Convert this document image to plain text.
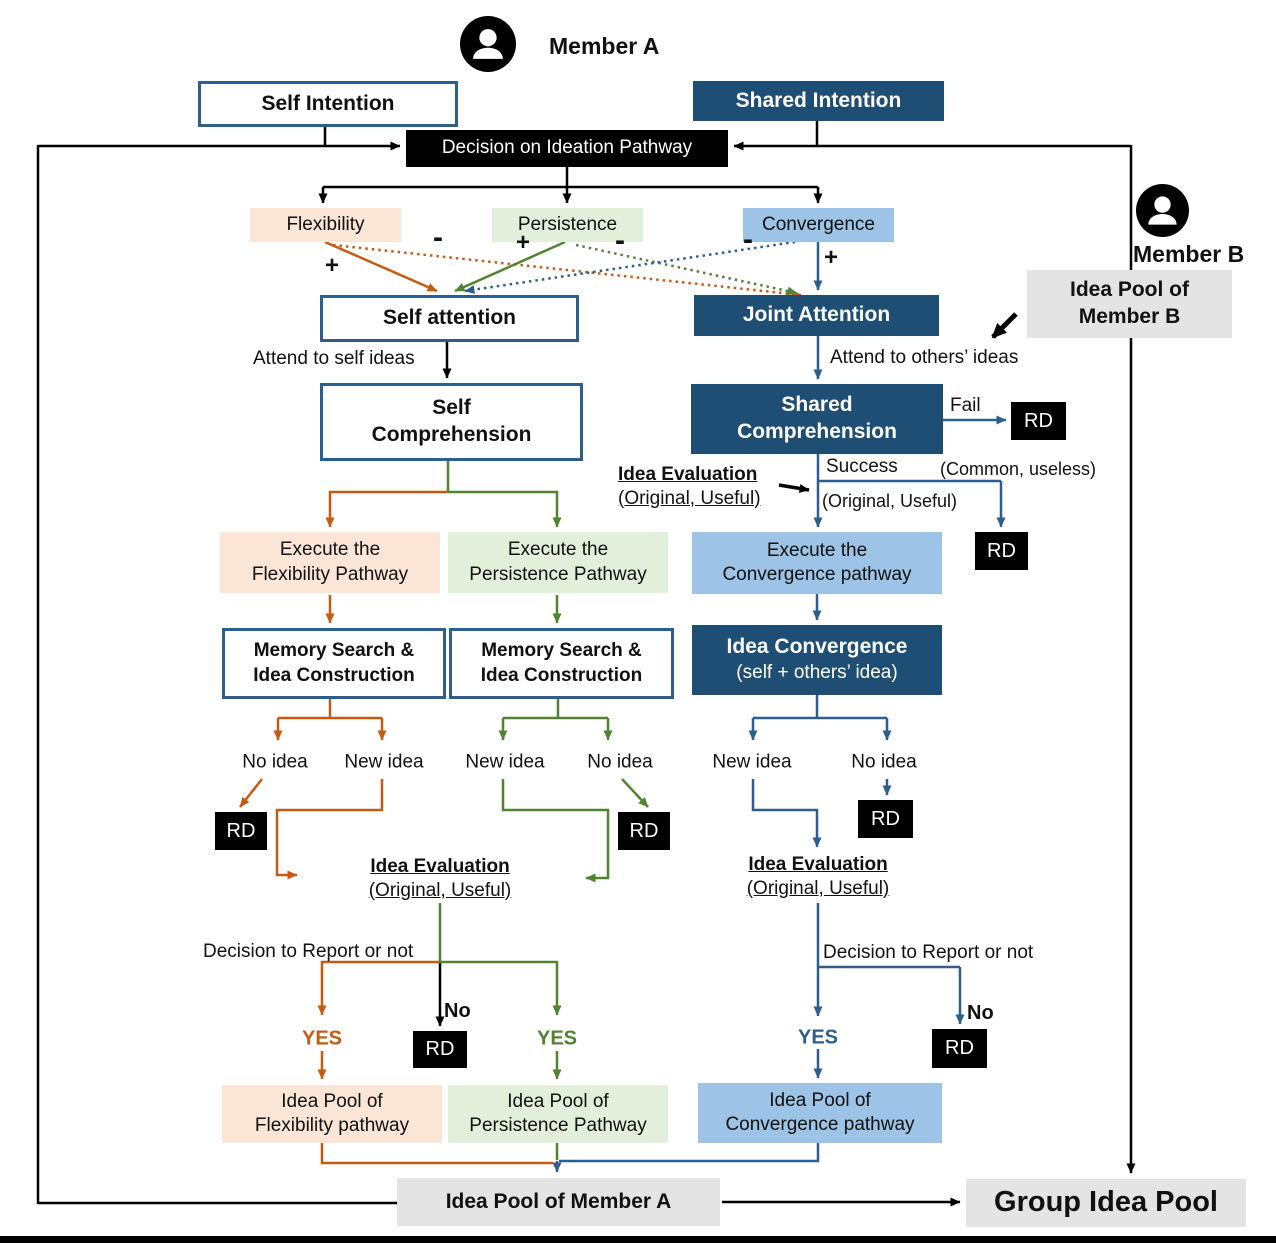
Member A
Self Intention	Shared Intention
Decision on Ideation Pathway
Flexibility	Persistence	Convergence
+
-	+	-	-
+
Self attention	Joint Attention
Attend to self ideas	Attend to others’ ideas
Member B
Idea Pool of
Member B
Self
Comprehension
Shared
Comprehension
Fail
RD
Success (Common, useless)
(Original, Useful)
Idea Evaluation
(Original, Useful)
RD
Execute the
Flexibility Pathway
Execute the
Persistence Pathway
Execute the
Convergence pathway
Memory Search &
Idea Construction
Memory Search &
Idea Construction
Idea Convergence
(self + others’ idea)
No idea New idea New idea No idea	New idea	No idea
RD	RD
RD
Idea Evaluation
(Original, Useful)
Idea Evaluation
(Original, Useful)
Decision to Report or not	Decision to Report or not
No
RD
YES	YES	YES
No
RD
Idea Pool of
Flexibility pathway
Idea Pool of
Persistence Pathway
Idea Pool of
Convergence pathway
Idea Pool of Member A	Group Idea Pool
